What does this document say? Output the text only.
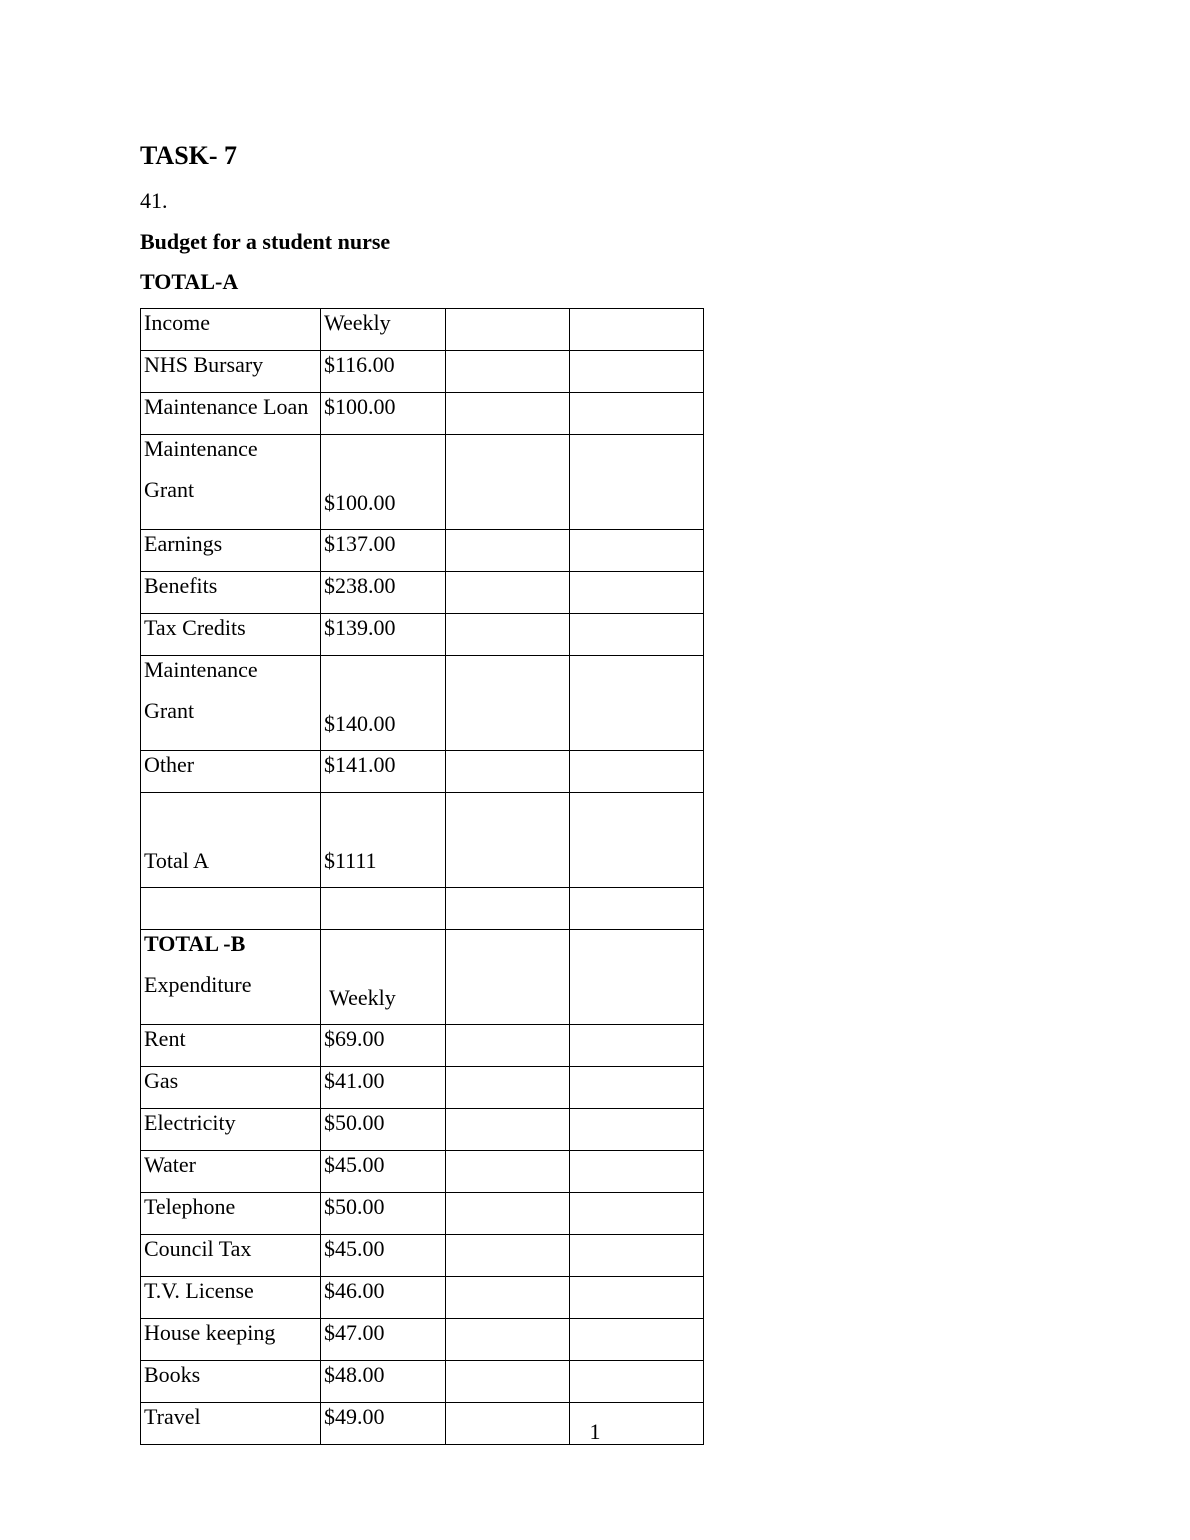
TASK- 7
41.
Budget for a student nurse
TOTAL-A
Income	Weekly		
NHS Bursary	$116.00		
Maintenance Loan	$100.00		

Maintenance
Grant	$100.00		
Earnings	$137.00		
Benefits	$238.00		
Tax Credits	$139.00		

Maintenance
Grant	$140.00		
Other	$141.00		
Total A	$1111		

TOTAL -B
Expenditure	Weekly		
Rent	$69.00		
Gas	$41.00		
Electricity	$50.00		
Water	$45.00		
Telephone	$50.00		
Council Tax	$45.00		
T.V. License	$46.00		
House keeping	$47.00		
Books	$48.00		
Travel	$49.00		
1
